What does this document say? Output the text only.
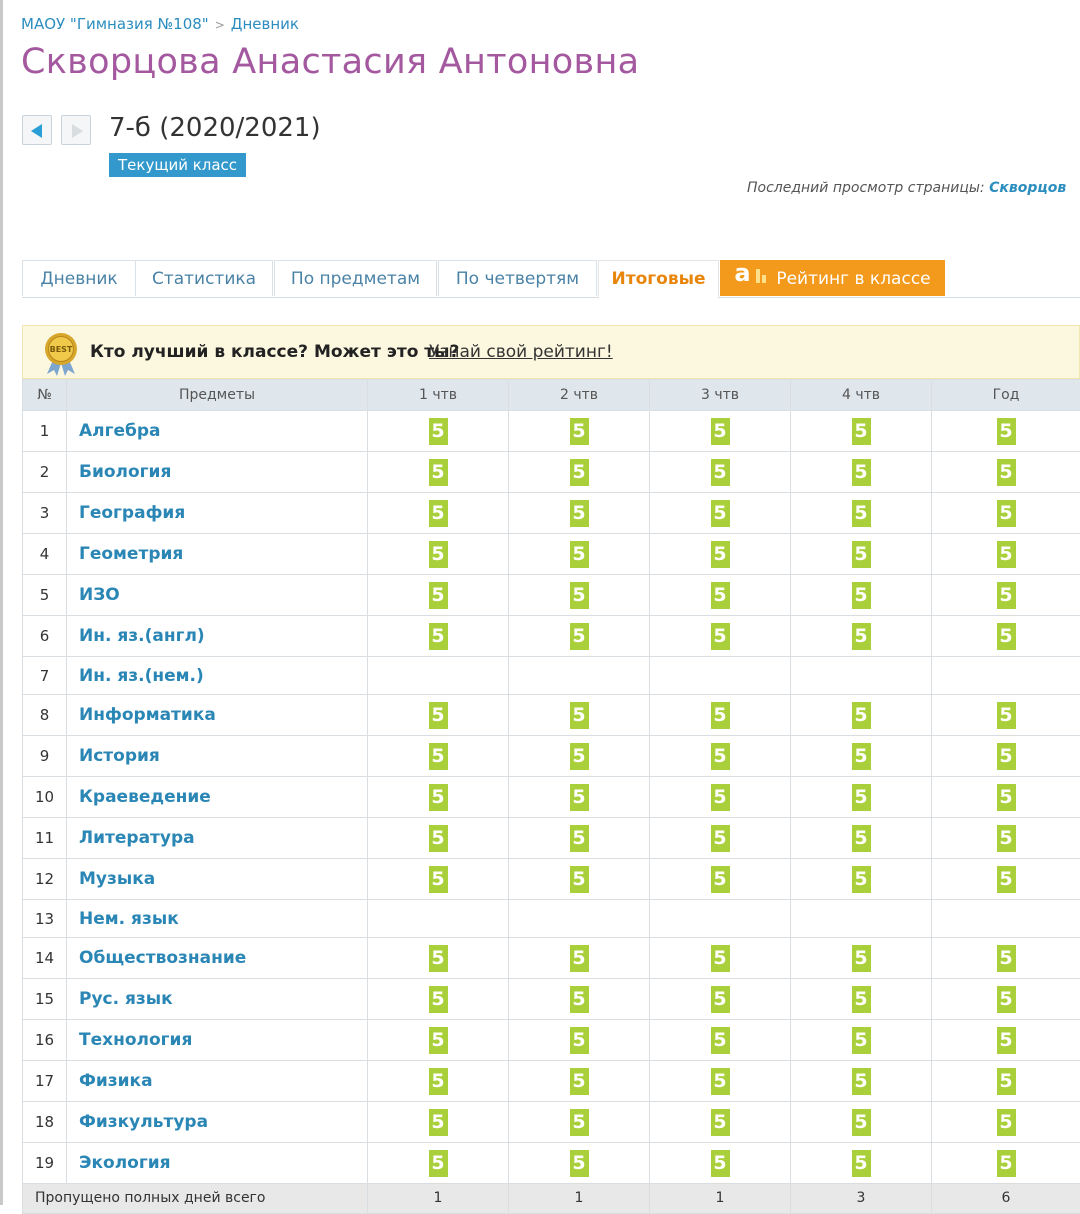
МАОУ "Гимназия №108" > Дневник
Скворцова Анастасия Антоновна
7-б (2020/2021)
Текущий класс
Последний просмотр страницы: Скворцов
Дневник	Статистика	По предметам	По четвертям	Итоговые	a Рейтинг в классе
BEST Кто лучший в классе? Может это ты?
Узнай свой рейтинг!
№	Предметы	1 чтв	2 чтв	3 чтв	4 чтв	Год
1	Алгебра	5	5	5	5	5
2	Биология	5	5	5	5	5
3	География	5	5	5	5	5
4	Геометрия	5	5	5	5	5
5	ИЗО	5	5	5	5	5
6	Ин. яз.(англ)	5	5	5	5	5
7	Ин. яз.(нем.)					
8	Информатика	5	5	5	5	5
9	История	5	5	5	5	5
10	Краеведение	5	5	5	5	5
11	Литература	5	5	5	5	5
12	Музыка	5	5	5	5	5
13	Нем. язык					
14	Обществознание	5	5	5	5	5
15	Рус. язык	5	5	5	5	5
16	Технология	5	5	5	5	5
17	Физика	5	5	5	5	5
18	Физкультура	5	5	5	5	5
19	Экология	5	5	5	5	5
Пропущено полных дней всего		1	1	1	3	6
